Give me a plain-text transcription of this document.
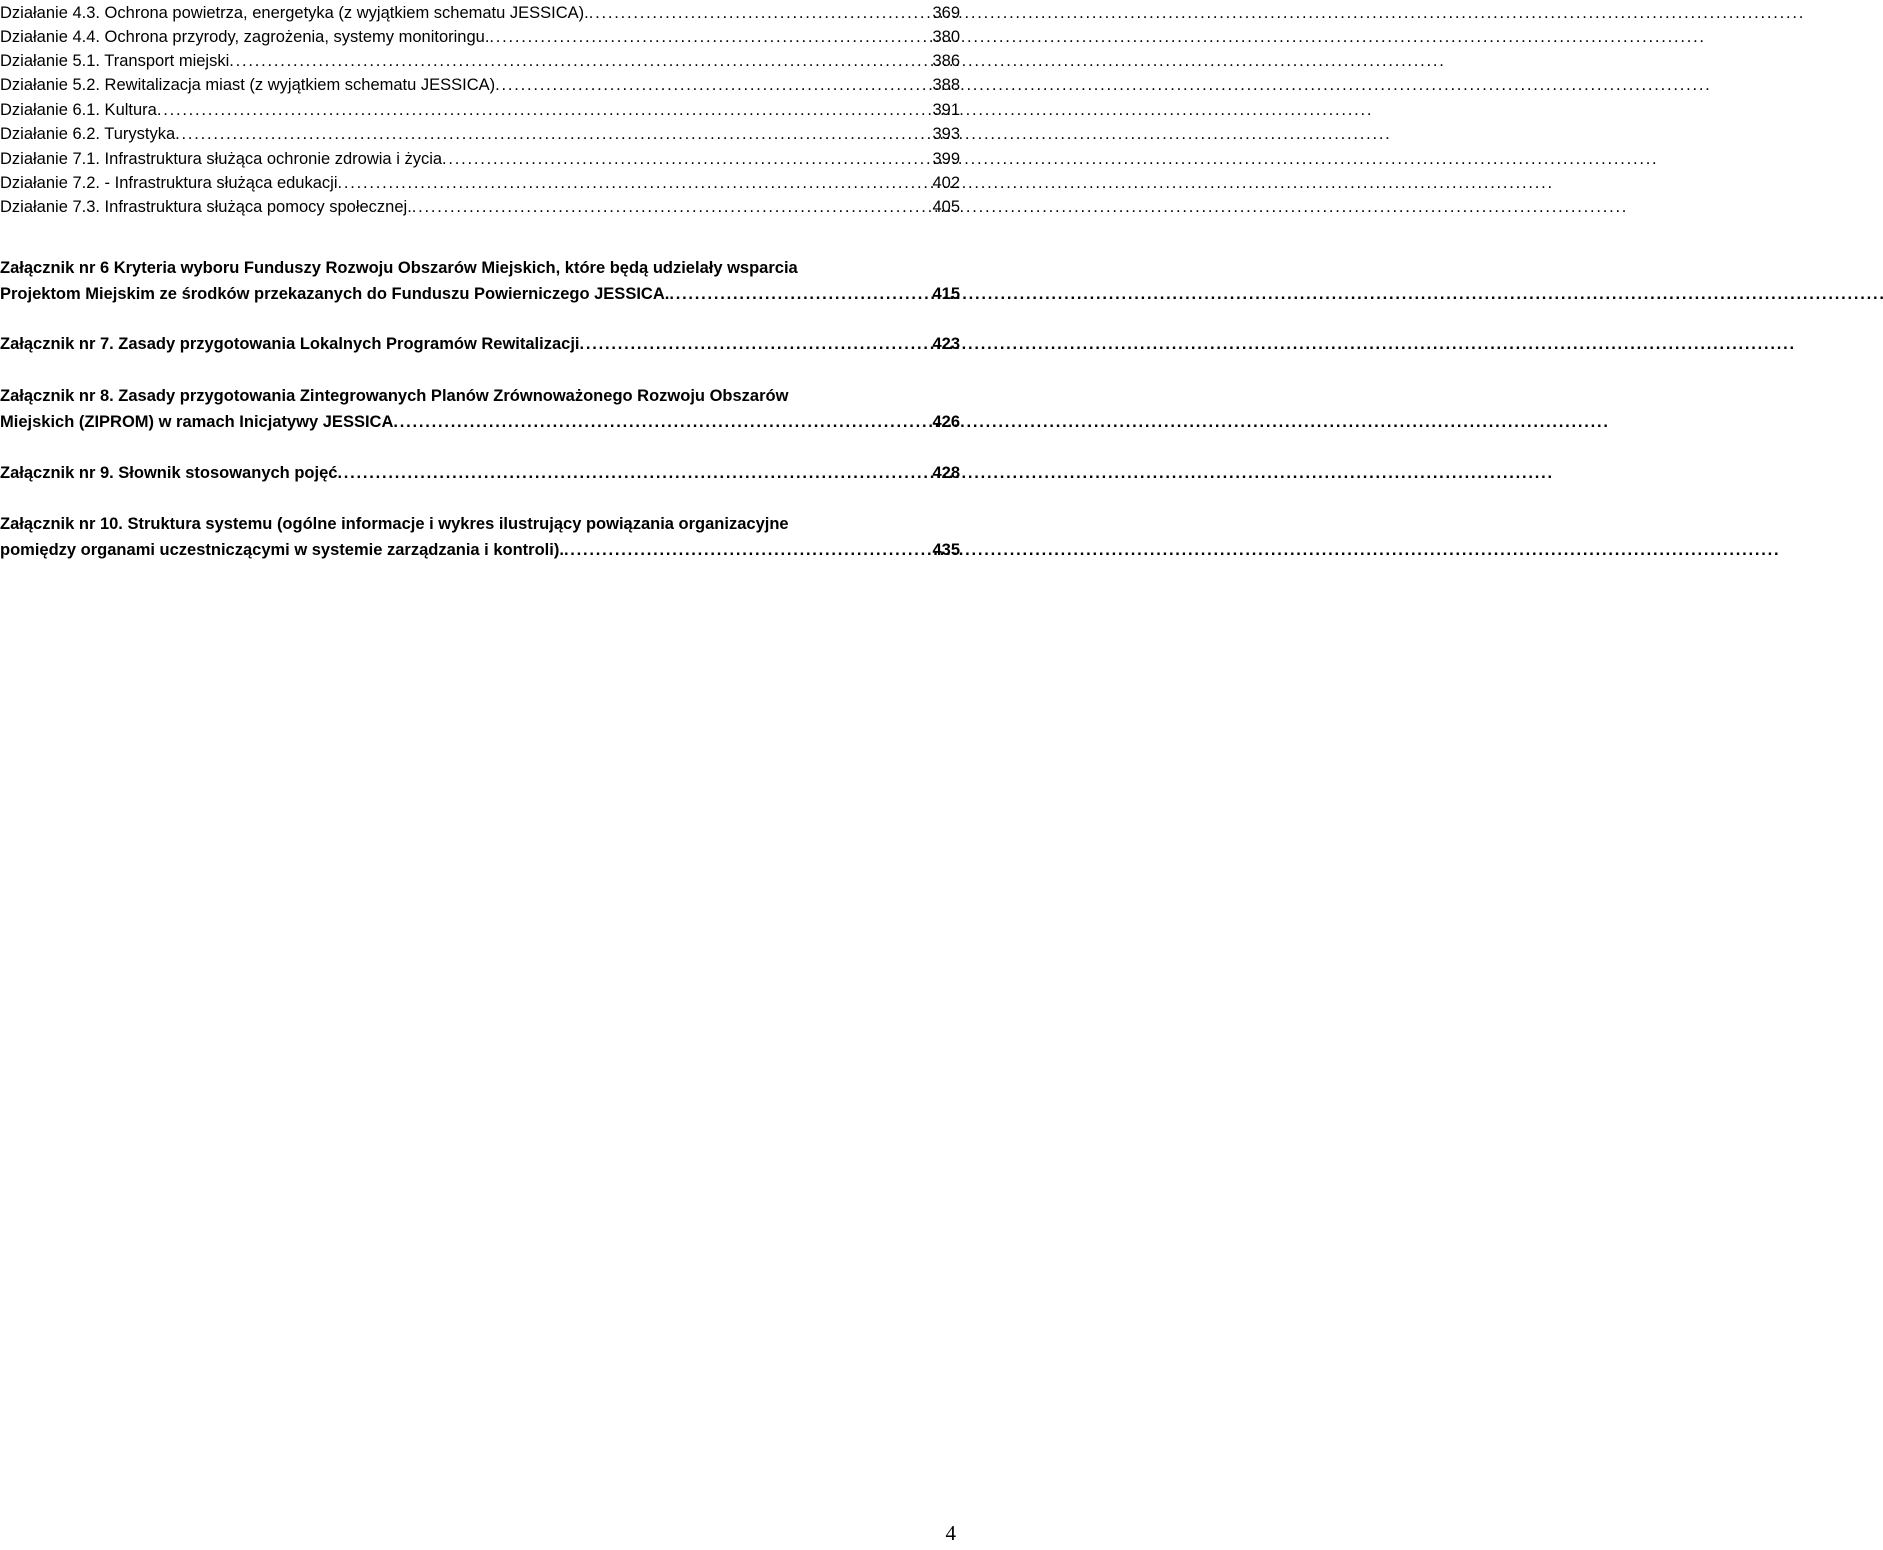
Działanie 4.3. Ochrona powietrza, energetyka (z wyjątkiem schematu JESSICA). . . .	369
Działanie 4.4. Ochrona przyrody, zagrożenia, systemy monitoringu. . . .	380
Działanie 5.1. Transport miejski . . .	386
Działanie 5.2. Rewitalizacja miast (z wyjątkiem schematu JESSICA) . . .	388
Działanie 6.1. Kultura . . .	391
Działanie 6.2. Turystyka . . .	393
Działanie 7.1. Infrastruktura służąca ochronie zdrowia i życia . . .	399
Działanie 7.2. - Infrastruktura służąca edukacji . . .	402
Działanie 7.3. Infrastruktura służąca pomocy społecznej. . . .	405
Załącznik nr 6 Kryteria wyboru Funduszy Rozwoju Obszarów Miejskich, które będą udzielały wsparcia
Projektom Miejskim ze środków przekazanych do Funduszu Powierniczego JESSICA. . . .	415
Załącznik nr 7. Zasady przygotowania Lokalnych Programów Rewitalizacji . . .	423
Załącznik nr 8. Zasady przygotowania Zintegrowanych Planów Zrównoważonego Rozwoju Obszarów
Miejskich (ZIPROM) w ramach Inicjatywy JESSICA . . .	426
Załącznik nr 9. Słownik stosowanych pojęć . . .	428
Załącznik nr 10. Struktura systemu (ogólne informacje i wykres ilustrujący powiązania organizacyjne
pomiędzy organami uczestniczącymi w systemie zarządzania i kontroli). . . .	435
4
